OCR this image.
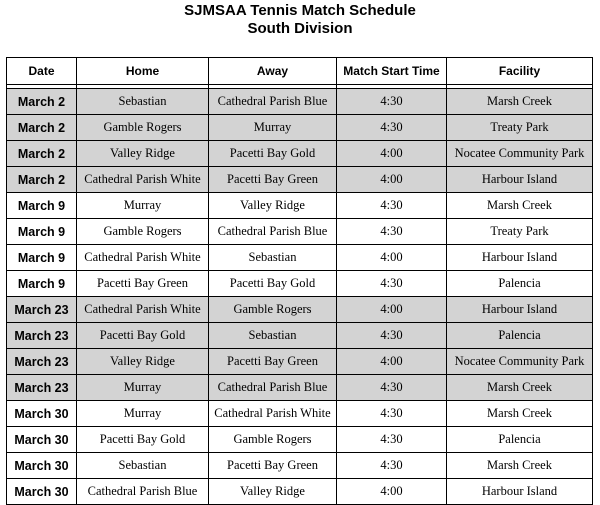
SJMSAA Tennis Match Schedule
South Division
Date	Home	Away	Match Start Time	Facility

March 2	Sebastian	Cathedral Parish Blue	4:30	Marsh Creek
March 2	Gamble Rogers	Murray	4:30	Treaty Park
March 2	Valley Ridge	Pacetti Bay Gold	4:00	Nocatee Community Park
March 2	Cathedral Parish White	Pacetti Bay Green	4:00	Harbour Island
March 9	Murray	Valley Ridge	4:30	Marsh Creek
March 9	Gamble Rogers	Cathedral Parish Blue	4:30	Treaty Park
March 9	Cathedral Parish White	Sebastian	4:00	Harbour Island
March 9	Pacetti Bay Green	Pacetti Bay Gold	4:30	Palencia
March 23	Cathedral Parish White	Gamble Rogers	4:00	Harbour Island
March 23	Pacetti Bay Gold	Sebastian	4:30	Palencia
March 23	Valley Ridge	Pacetti Bay Green	4:00	Nocatee Community Park
March 23	Murray	Cathedral Parish Blue	4:30	Marsh Creek
March 30	Murray	Cathedral Parish White	4:30	Marsh Creek
March 30	Pacetti Bay Gold	Gamble Rogers	4:30	Palencia
March 30	Sebastian	Pacetti Bay Green	4:30	Marsh Creek
March 30	Cathedral Parish Blue	Valley Ridge	4:00	Harbour Island
